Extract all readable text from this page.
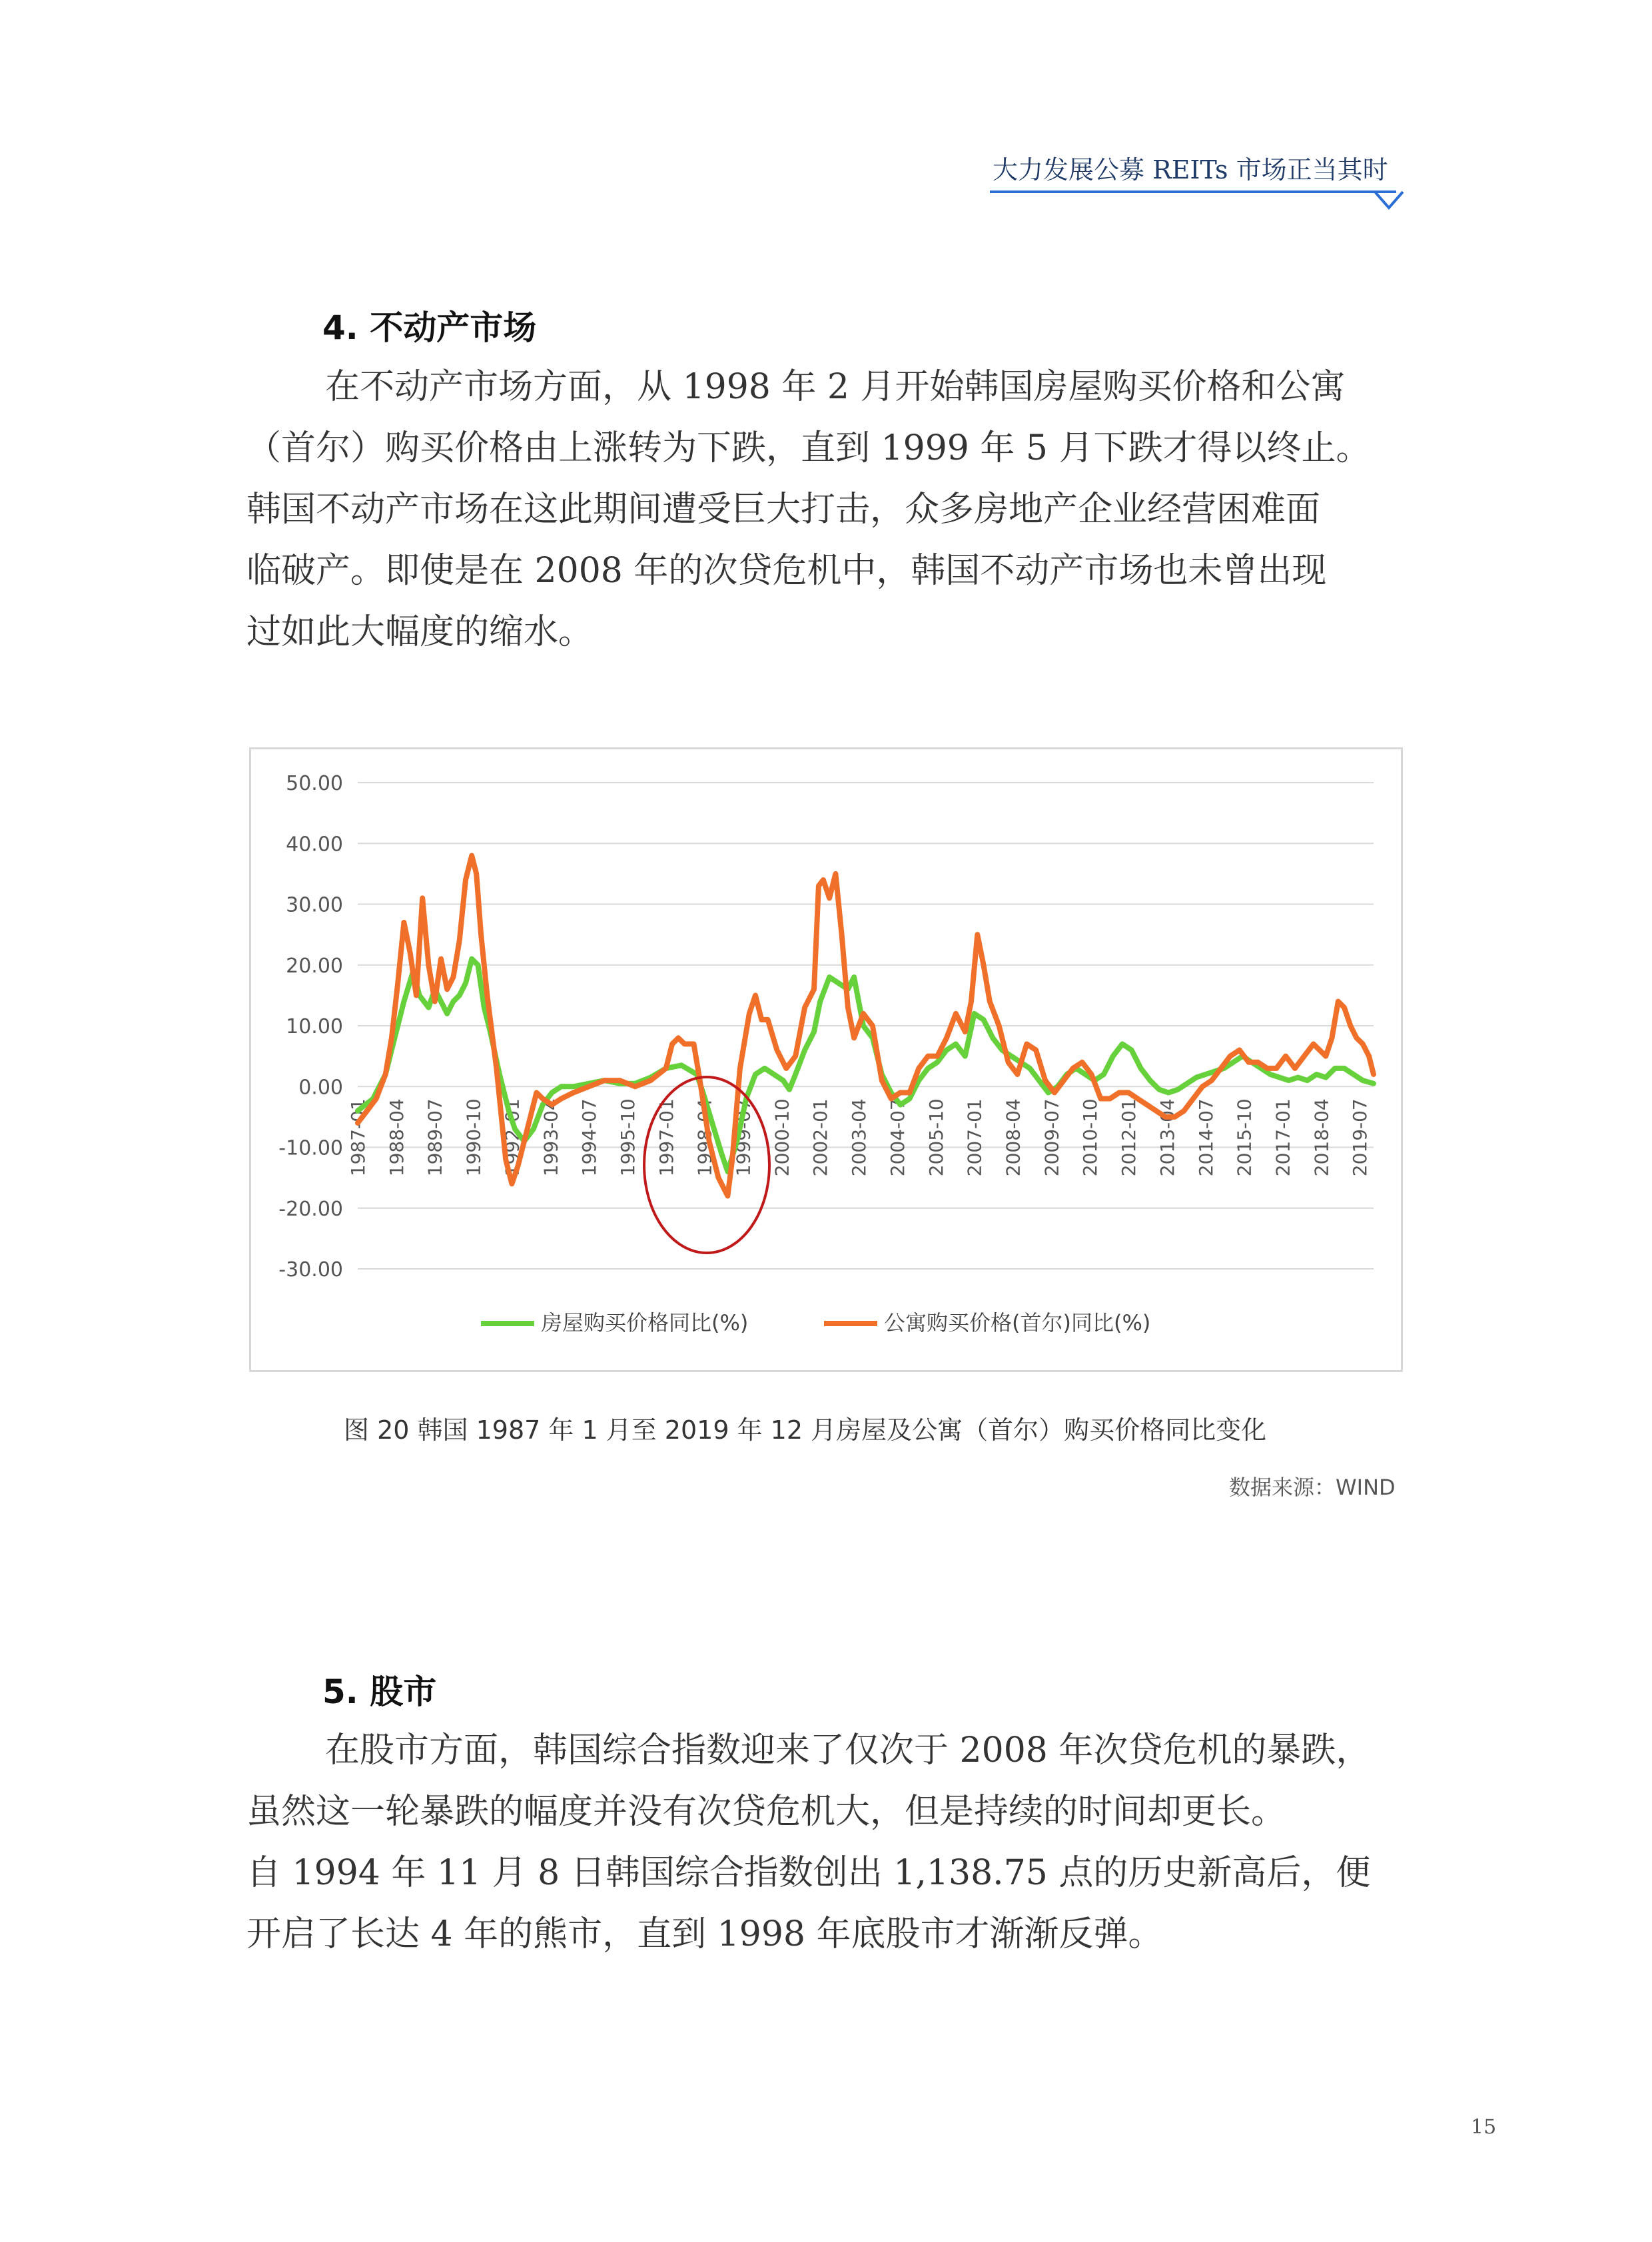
大力发展公募 REITs 市场正当其时
4. 不动产市场
在不动产市场方面，从 1998 年 2 月开始韩国房屋购买价格和公寓
（首尔）购买价格由上涨转为下跌，直到 1999 年 5 月下跌才得以终止。
韩国不动产市场在这此期间遭受巨大打击，众多房地产企业经营困难面
临破产。即使是在 2008 年的次贷危机中，韩国不动产市场也未曾出现
过如此大幅度的缩水。
50.00
40.00
30.00
20.00
10.00
0.00
-10.00
-20.00
-30.00
1987-01 1988-04 1989-07 1990-10 1992-01 1993-04 1994-07 1995-10 1997-01 1998-04 1999-07 2000-10 2002-01 2003-04 2004-07 2005-10 2007-01 2008-04 2009-07 2010-10 2012-01 2013-04 2014-07 2015-10 2017-01 2018-04 2019-07
房屋购买价格同比(%)	公寓购买价格(首尔)同比(%)
图 20 韩国 1987 年 1 月至 2019 年 12 月房屋及公寓（首尔）购买价格同比变化
数据来源：WIND
5. 股市
在股市方面，韩国综合指数迎来了仅次于 2008 年次贷危机的暴跌，
虽然这一轮暴跌的幅度并没有次贷危机大，但是持续的时间却更长。
自 1994 年 11 月 8 日韩国综合指数创出 1,138.75 点的历史新高后，便
开启了长达 4 年的熊市，直到 1998 年底股市才渐渐反弹。
15
